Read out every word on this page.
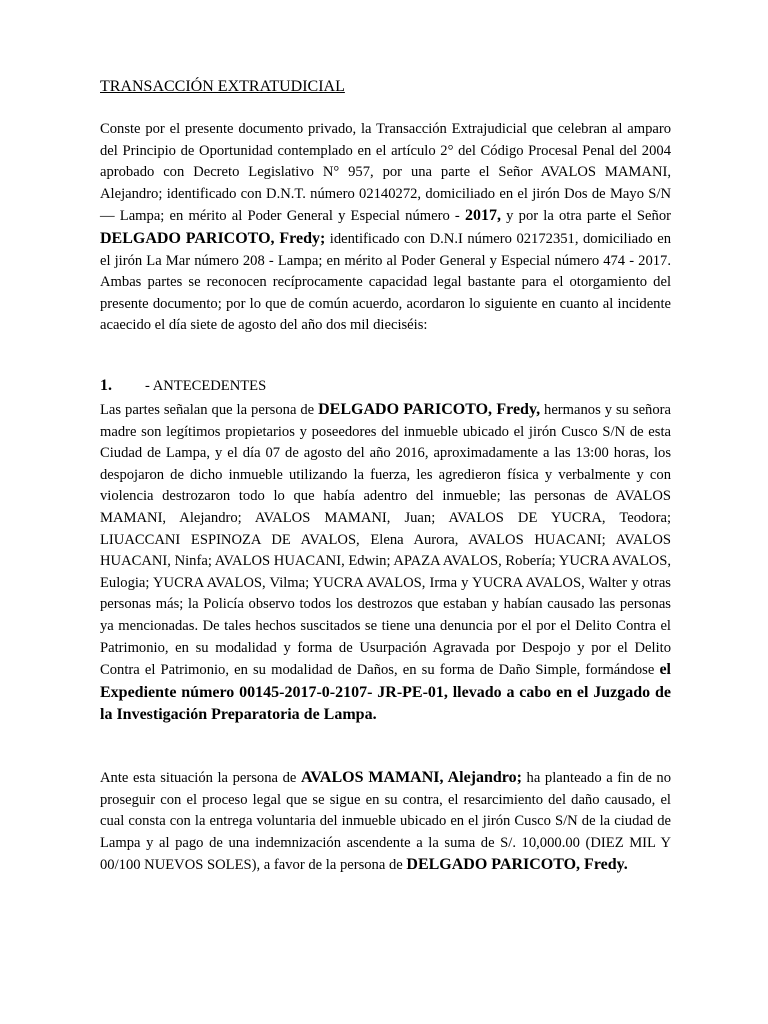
TRANSACCIÓN EXTRATUDICIAL

Conste por el presente documento privado, la Transacción Extrajudicial que celebran al amparo del Principio de Oportunidad contemplado en el artículo 2° del Código Procesal Penal del 2004 aprobado con Decreto Legislativo N° 957, por una parte el Señor AVALOS MAMANI, Alejandro; identificado con D.N.T. número 02140272, domiciliado en el jirón Dos de Mayo S/N — Lampa; en mérito al Poder General y Especial número - 2017, y por la otra parte el Señor DELGADO PARICOTO, Fredy; identificado con D.N.I número 02172351, domiciliado en el jirón La Mar número 208 - Lampa; en mérito al Poder General y Especial número 474 - 2017. Ambas partes se reconocen recíprocamente capacidad legal bastante para el otorgamiento del presente documento; por lo que de común acuerdo, acordaron lo siguiente en cuanto al incidente acaecido el día siete de agosto del año dos mil dieciséis:

1. - ANTECEDENTES

Las partes señalan que la persona de DELGADO PARICOTO, Fredy, hermanos y su señora madre son legítimos propietarios y poseedores del inmueble ubicado el jirón Cusco S/N de esta Ciudad de Lampa, y el día 07 de agosto del año 2016, aproximadamente a las 13:00 horas, los despojaron de dicho inmueble utilizando la fuerza, les agredieron física y verbalmente y con violencia destrozaron todo lo que había adentro del inmueble; las personas de AVALOS MAMANI, Alejandro; AVALOS MAMANI, Juan; AVALOS DE YUCRA, Teodora; LIUACCANI ESPINOZA DE AVALOS, Elena Aurora, AVALOS HUACANI; AVALOS HUACANI, Ninfa; AVALOS HUACANI, Edwin; APAZA AVALOS, Robería; YUCRA AVALOS, Eulogia; YUCRA AVALOS, Vilma; YUCRA AVALOS, Irma y YUCRA AVALOS, Walter y otras personas más; la Policía observo todos los destrozos que estaban y habían causado las personas ya mencionadas. De tales hechos suscitados se tiene una denuncia por el por el Delito Contra el Patrimonio, en su modalidad y forma de Usurpación Agravada por Despojo y por el Delito Contra el Patrimonio, en su modalidad de Daños, en su forma de Daño Simple, formándose el Expediente número 00145-2017-0-2107- JR-PE-01, llevado a cabo en el Juzgado de la Investigación Preparatoria de Lampa.

Ante esta situación la persona de AVALOS MAMANI, Alejandro; ha planteado a fin de no proseguir con el proceso legal que se sigue en su contra, el resarcimiento del daño causado, el cual consta con la entrega voluntaria del inmueble ubicado en el jirón Cusco S/N de la ciudad de Lampa y al pago de una indemnización ascendente a la suma de S/. 10,000.00 (DIEZ MIL Y 00/100 NUEVOS SOLES), a favor de la persona de DELGADO PARICOTO, Fredy.
